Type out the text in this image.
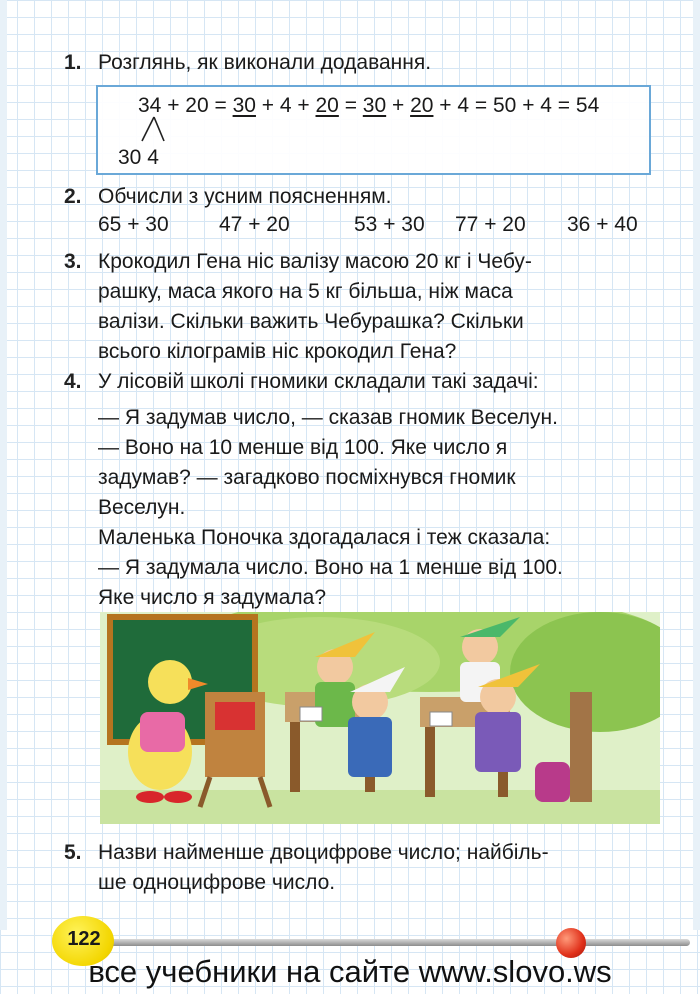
1. Розглянь, як виконали додавання.
34 + 20 = 30 + 4 + 20 = 30 + 20 + 4 = 50 + 4 = 54
30 4
2. Обчисли з усним поясненням.
65 + 30 47 + 20	53 + 30 77 + 20 36 + 40
3. Крокодил Гена ніс валізу масою 20 кг і Чебу-
рашку, маса якого на 5 кг більша, ніж маса
валізи. Скільки важить Чебурашка? Скільки
всього кілограмів ніс крокодил Гена?
4. У лісовій школі гномики складали такі задачі:
— Я задумав число, — сказав гномик Веселун.
— Воно на 10 менше від 100. Яке число я
задумав? — загадково посміхнувся гномик
Веселун.
Маленька Поночка здогадалася і теж сказала:
— Я задумала число. Воно на 1 менше від 100.
Яке число я задумала?
5. Назви найменше двоцифрове число; найбіль-
ше одноцифрове число.
122
все учебники на сайте www.slovo.ws
